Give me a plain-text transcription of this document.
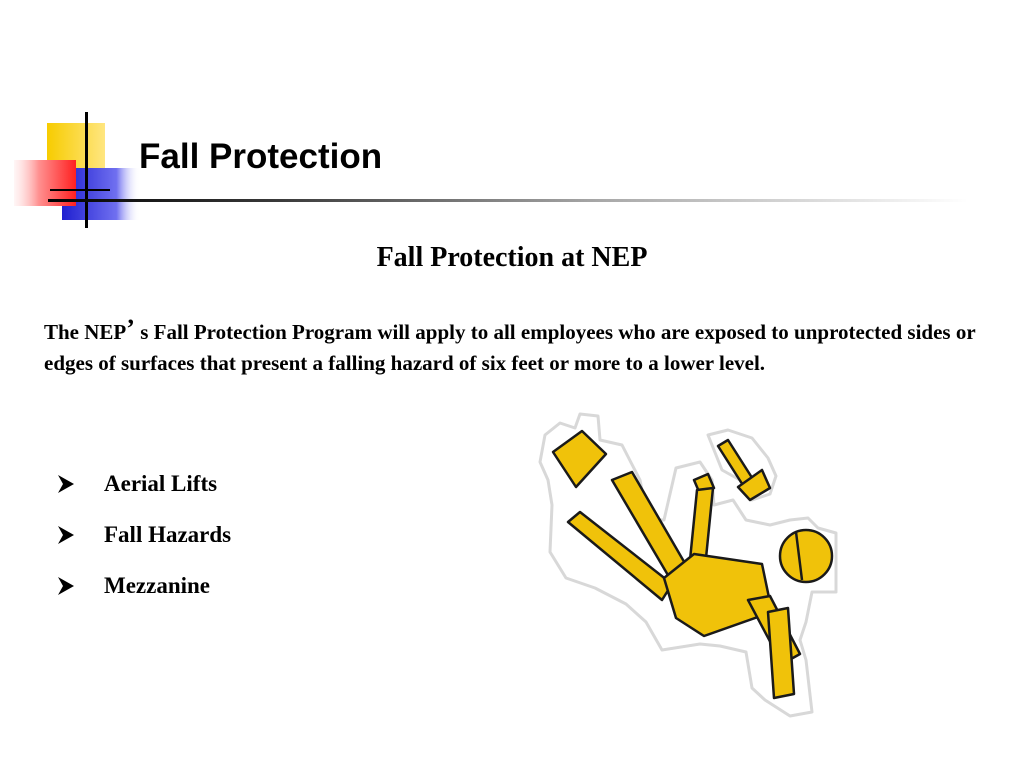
Fall Protection
Fall Protection at NEP
The NEP’ s Fall Protection Program will apply to all employees who are exposed to unprotected sides or edges of surfaces that present a falling hazard of six feet or more to a lower level.
Aerial Lifts
Fall Hazards
Mezzanine
